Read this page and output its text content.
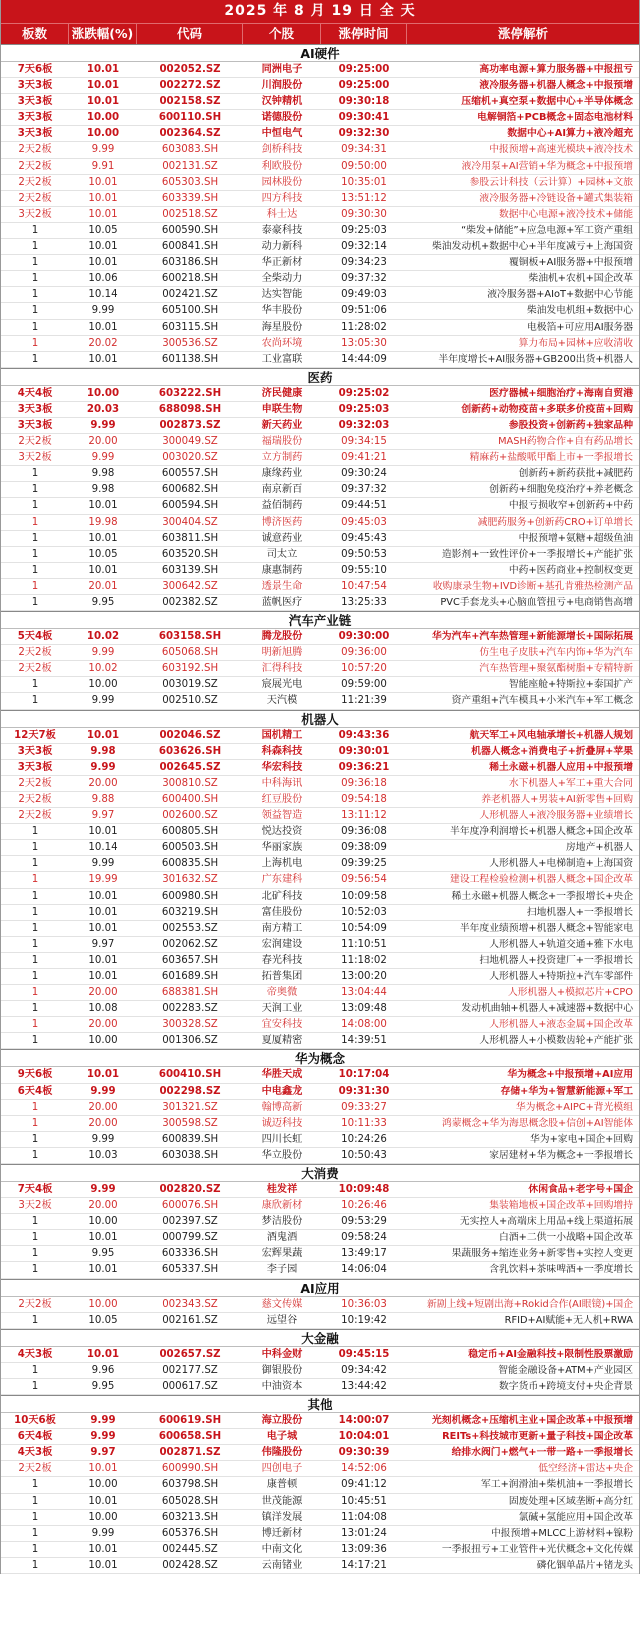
2025 年 8 月 19 日 全 天
板数	涨跌幅(%)	代码	个股	涨停时间	涨停解析
AI硬件
7天6板	10.01	002052.SZ	同洲电子	09:25:00	高功率电源+算力服务器+中报扭亏
3天3板	10.01	002272.SZ	川润股份	09:25:00	液冷服务器+机器人概念+中报预增
3天3板	10.01	002158.SZ	汉钟精机	09:30:18	压缩机+真空泵+数据中心+半导体概念
3天3板	10.00	600110.SH	诺德股份	09:30:41	电解铜箔+PCB概念+固态电池材料
3天3板	10.00	002364.SZ	中恒电气	09:32:30	数据中心+AI算力+液冷超充
2天2板	9.99	603083.SH	剑桥科技	09:34:31	中报预增+高速光模块+液冷技术
2天2板	9.91	002131.SZ	利欧股份	09:50:00	液冷用泵+AI营销+华为概念+中报预增
2天2板	10.01	605303.SH	园林股份	10:35:01	参股云计科技（云计算）+园林+文旅
2天2板	10.01	603339.SH	四方科技	13:51:12	液冷服务器+冷链设备+罐式集装箱
3天2板	10.01	002518.SZ	科士达	09:30:30	数据中心电源+液冷技术+储能
1	10.05	600590.SH	泰豪科技	09:25:03	“柴发+储能”+应急电源+军工资产重组
1	10.01	600841.SH	动力新科	09:32:14	柴油发动机+数据中心+半年度减亏+上海国资
1	10.01	603186.SH	华正新材	09:34:23	覆铜板+AI服务器+中报预增
1	10.06	600218.SH	全柴动力	09:37:32	柴油机+农机+国企改革
1	10.14	002421.SZ	达实智能	09:49:03	液冷服务器+AIoT+数据中心节能
1	9.99	605100.SH	华丰股份	09:51:06	柴油发电机组+数据中心
1	10.01	603115.SH	海星股份	11:28:02	电极箔+可应用AI服务器
1	20.02	300536.SZ	农尚环境	13:05:30	算力布局+园林+应收清收
1	10.01	601138.SH	工业富联	14:44:09	半年度增长+AI服务器+GB200出货+机器人
医药
4天4板	10.00	603222.SH	济民健康	09:25:02	医疗器械+细胞治疗+海南自贸港
3天3板	20.03	688098.SH	申联生物	09:25:03	创新药+动物疫苗+多联多价疫苗+回购
3天3板	9.99	002873.SZ	新天药业	09:32:03	参股投资+创新药+独家品种
2天2板	20.00	300049.SZ	福瑞股份	09:34:15	MASH药物合作+自有药品增长
3天2板	9.99	003020.SZ	立方制药	09:41:21	精麻药+盐酸哌甲酯上市+一季报增长
1	9.98	600557.SH	康缘药业	09:30:24	创新药+新药获批+减肥药
1	9.98	600682.SH	南京新百	09:37:32	创新药+细胞免疫治疗+养老概念
1	10.01	600594.SH	益佰制药	09:44:51	中报亏损收窄+创新药+中药
1	19.98	300404.SZ	博济医药	09:45:03	减肥药服务+创新药CRO+订单增长
1	10.01	603811.SH	诚意药业	09:45:43	中报预增+氨糖+超级鱼油
1	10.05	603520.SH	司太立	09:50:53	造影剂+一致性评价+一季报增长+产能扩张
1	10.01	603139.SH	康惠制药	09:55:10	中药+医药商业+控制权变更
1	20.01	300642.SZ	透景生命	10:47:54	收购康录生物+IVD诊断+基孔肯雅热检测产品
1	9.95	002382.SZ	蓝帆医疗	13:25:33	PVC手套龙头+心脑血管扭亏+电商销售高增
汽车产业链
5天4板	10.02	603158.SH	腾龙股份	09:30:00	华为汽车+汽车热管理+新能源增长+国际拓展
2天2板	9.99	605068.SH	明新旭腾	09:36:00	仿生电子皮肤+汽车内饰+华为汽车
2天2板	10.02	603192.SH	汇得科技	10:57:20	汽车热管理+聚氨酯树脂+专精特新
1	10.00	003019.SZ	宸展光电	09:59:00	智能座舱+特斯拉+泰国扩产
1	9.99	002510.SZ	天汽模	11:21:39	资产重组+汽车模具+小米汽车+军工概念
机器人
12天7板	10.01	002046.SZ	国机精工	09:43:36	航天军工+风电轴承增长+机器人规划
3天3板	9.98	603626.SH	科森科技	09:30:01	机器人概念+消费电子+折叠屏+苹果
3天3板	9.99	002645.SZ	华宏科技	09:36:21	稀土永磁+机器人应用+中报预增
2天2板	20.00	300810.SZ	中科海讯	09:36:18	水下机器人+军工+重大合同
2天2板	9.88	600400.SH	红豆股份	09:54:18	养老机器人+男装+AI新零售+回购
2天2板	9.97	002600.SZ	领益智造	13:11:12	人形机器人+液冷服务器+业绩增长
1	10.01	600805.SH	悦达投资	09:36:08	半年度净利润增长+机器人概念+国企改革
1	10.14	600503.SH	华丽家族	09:38:09	房地产+机器人
1	9.99	600835.SH	上海机电	09:39:25	人形机器人+电梯制造+上海国资
1	19.99	301632.SZ	广东建科	09:56:54	建设工程检验检测+机器人概念+国企改革
1	10.01	600980.SH	北矿科技	10:09:58	稀土永磁+机器人概念+一季报增长+央企
1	10.01	603219.SH	富佳股份	10:52:03	扫地机器人+一季报增长
1	10.01	002553.SZ	南方精工	10:54:09	半年度业绩预增+机器人概念+智能家电
1	9.97	002062.SZ	宏润建设	11:10:51	人形机器人+轨道交通+雅下水电
1	10.01	603657.SH	春光科技	11:18:02	扫地机器人+投资建厂+一季报增长
1	10.01	601689.SH	拓普集团	13:00:20	人形机器人+特斯拉+汽车零部件
1	20.00	688381.SH	帝奥微	13:04:44	人形机器人+模拟芯片+CPO
1	10.08	002283.SZ	天润工业	13:09:48	发动机曲轴+机器人+减速器+数据中心
1	20.00	300328.SZ	宜安科技	14:08:00	人形机器人+液态金属+国企改革
1	10.00	001306.SZ	夏厦精密	14:39:51	人形机器人+小模数齿轮+产能扩张
华为概念
9天6板	10.01	600410.SH	华胜天成	10:17:04	华为概念+中报预增+AI应用
6天4板	9.99	002298.SZ	中电鑫龙	09:31:30	存储+华为+智慧新能源+军工
1	20.00	301321.SZ	翰博高新	09:33:27	华为概念+AIPC+背光模组
1	20.00	300598.SZ	诚迈科技	10:11:33	鸿蒙概念+华为海思概念股+信创+AI智能体
1	9.99	600839.SH	四川长虹	10:24:26	华为+家电+国企+回购
1	10.03	603038.SH	华立股份	10:50:43	家居建材+华为概念+一季报增长
大消费
7天4板	9.99	002820.SZ	桂发祥	10:09:48	休闲食品+老字号+国企
3天2板	20.00	600076.SH	康欣新材	10:26:46	集装箱地板+国企改革+回购增持
1	10.00	002397.SZ	梦洁股份	09:53:29	无实控人+高端床上用品+线上渠道拓展
1	10.01	000799.SZ	酒鬼酒	09:58:24	白酒+二供一小战略+国企改革
1	9.95	603336.SH	宏辉果蔬	13:49:17	果蔬服务+缩连业务+新零售+实控人变更
1	10.01	605337.SH	李子园	14:06:04	含乳饮料+茶味啤酒+一季度增长
AI应用
2天2板	10.00	002343.SZ	慈文传媒	10:36:03	新剧上线+短剧出海+Rokid合作(AI眼镜)+国企
1	10.05	002161.SZ	远望谷	10:19:42	RFID+AI赋能+无人机+RWA
大金融
4天3板	10.01	002657.SZ	中科金财	09:45:15	稳定币+AI金融科技+限制性股票激励
1	9.96	002177.SZ	御银股份	09:34:42	智能金融设备+ATM+产业园区
1	9.95	000617.SZ	中油资本	13:44:42	数字货币+跨境支付+央企背景
其他
10天6板	9.99	600619.SH	海立股份	14:00:07	光刻机概念+压缩机主业+国企改革+中报预增
6天4板	9.99	600658.SH	电子城	10:04:01	REITs+科技城市更新+量子科技+国企改革
4天3板	9.97	002871.SZ	伟隆股份	09:30:39	给排水阀门+燃气+一带一路+一季报增长
2天2板	10.01	600990.SH	四创电子	14:52:06	低空经济+雷达+央企
1	10.00	603798.SH	康普顿	09:41:12	军工+润滑油+柴机油+一季报增长
1	10.01	605028.SH	世茂能源	10:45:51	固废处理+区域垄断+高分红
1	10.00	603213.SH	镇洋发展	11:04:08	氯碱+氢能应用+国企改革
1	9.99	605376.SH	博迁新材	13:01:24	中报预增+MLCC上游材料+镍粉
1	10.01	002445.SZ	中南文化	13:09:36	一季报扭亏+工业管件+光伏概念+文化传媒
1	10.01	002428.SZ	云南锗业	14:17:21	磷化铟单晶片+锗龙头
